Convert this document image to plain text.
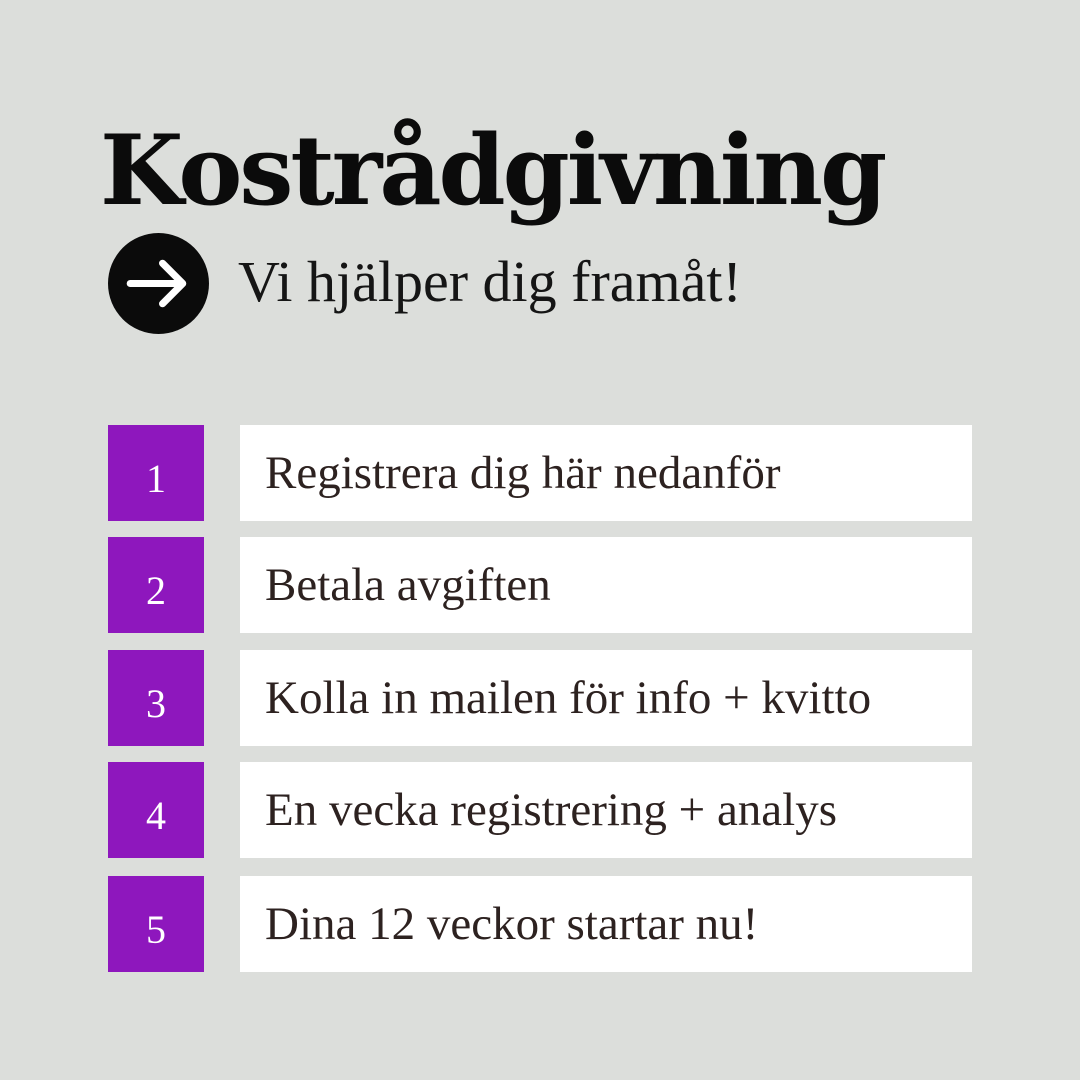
Kostrådgivning

Vi hjälper dig framåt!

1	Registrera dig här nedanför
2	Betala avgiften
3	Kolla in mailen för info + kvitto
4	En vecka registrering + analys
5	Dina 12 veckor startar nu!
